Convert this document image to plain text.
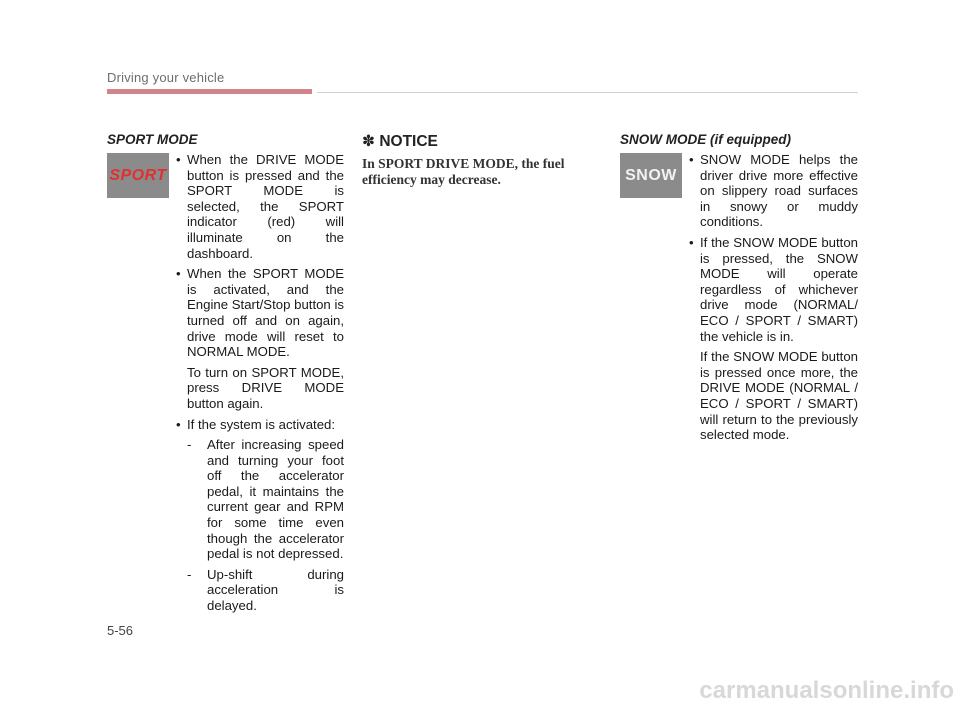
Driving your vehicle
SPORT MODE
SPORT

• When the DRIVE MODE button is pressed and the SPORT MODE is selected, the SPORT indicator (red) will illuminate on the dashboard.

• When the SPORT MODE is activated, and the Engine Start/Stop button is turned off and on again, drive mode will reset to NORMAL MODE.

To turn on SPORT MODE, press DRIVE MODE button again.

• If the system is activated:

- After increasing speed and turning your foot off the accelerator pedal, it maintains the current gear and RPM for some time even though the accelerator pedal is not depressed.

- Up-shift during acceleration is delayed.

✽ NOTICE
In SPORT DRIVE MODE, the fuel efficiency may decrease.
SNOW MODE (if equipped)
SNOW

• SNOW MODE helps the driver drive more effective on slippery road surfaces in snowy or muddy conditions.

• If the SNOW MODE button is pressed, the SNOW MODE will operate regardless of whichever drive mode (NORMAL/ ECO / SPORT / SMART) the vehicle is in.

If the SNOW MODE button is pressed once more, the DRIVE MODE (NORMAL / ECO / SPORT / SMART) will return to the previously selected mode.

5-56
carmanualsonline.info
